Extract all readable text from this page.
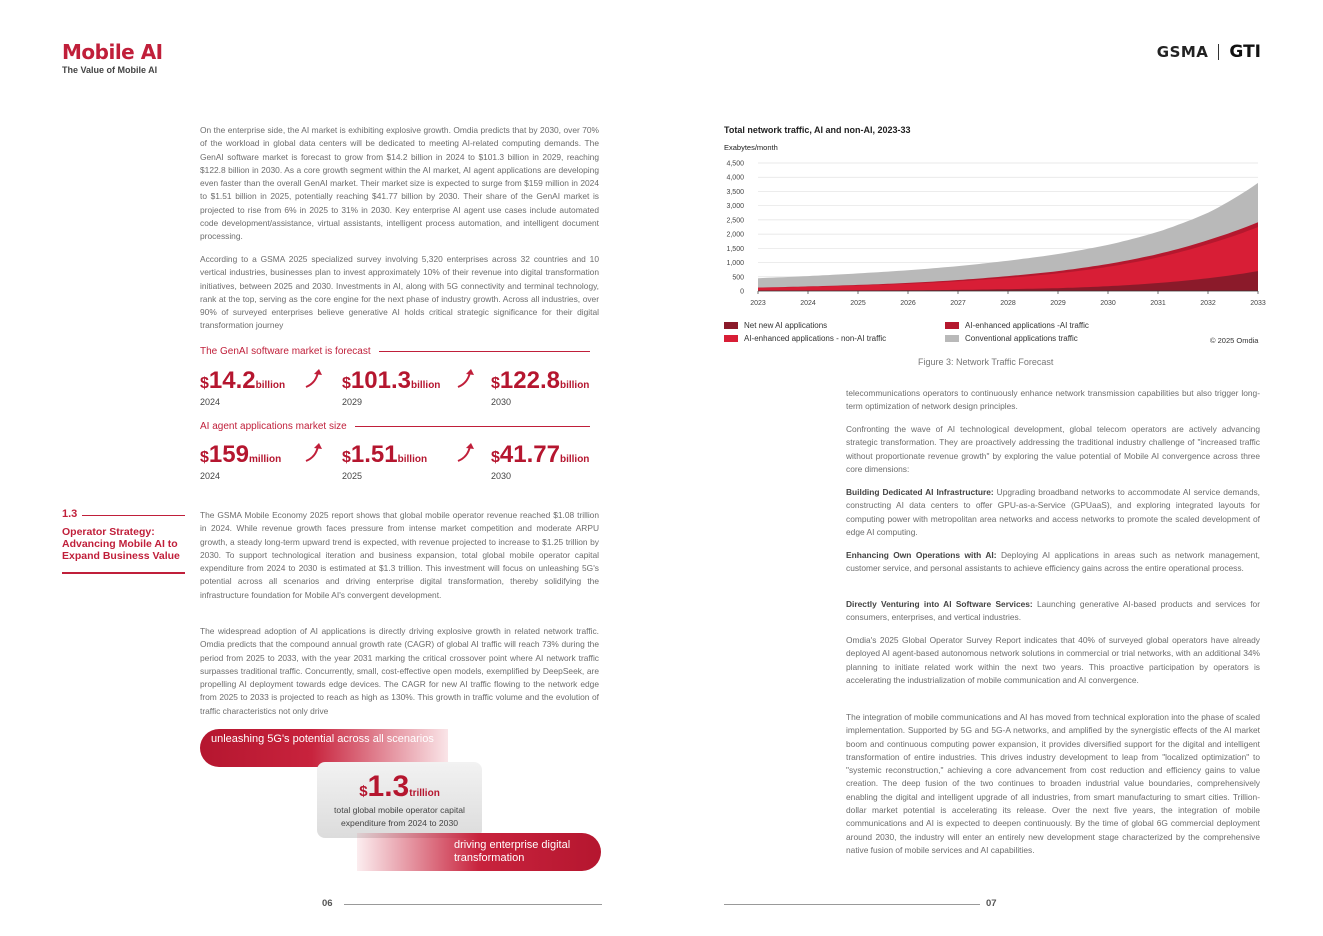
Mobile AI
The Value of Mobile AI
GSMA GTI

On the enterprise side, the AI market is exhibiting explosive growth. Omdia predicts that by 2030, over 70% of the workload in global data centers will be dedicated to meeting AI-related computing demands. The GenAI software market is forecast to grow from $14.2 billion in 2024 to $101.3 billion in 2029, reaching $122.8 billion in 2030. As a core growth segment within the AI market, AI agent applications are developing even faster than the overall GenAI market. Their market size is expected to surge from $159 million in 2024 to $1.51 billion in 2025, potentially reaching $41.77 billion by 2030. Their share of the GenAI market is projected to rise from 6% in 2025 to 31% in 2030. Key enterprise AI agent use cases include automated code development/assistance, virtual assistants, intelligent process automation, and intelligent document processing.

According to a GSMA 2025 specialized survey involving 5,320 enterprises across 32 countries and 10 vertical industries, businesses plan to invest approximately 10% of their revenue into digital transformation initiatives, between 2025 and 2030. Investments in AI, along with 5G connectivity and terminal technology, rank at the top, serving as the core engine for the next phase of industry growth. Across all industries, over 90% of surveyed enterprises believe generative AI holds critical strategic significance for their digital transformation journey

The GenAI software market is forecast
$14.2billion
2024
$101.3billion
2029
$122.8billion
2030
AI agent applications market size
$159million
2024
$1.51billion
2025
$41.77billion
2030
1.3
Operator Strategy: Advancing Mobile AI to Expand Business Value

The GSMA Mobile Economy 2025 report shows that global mobile operator revenue reached $1.08 trillion in 2024. While revenue growth faces pressure from intense market competition and moderate ARPU growth, a steady long-term upward trend is expected, with revenue projected to increase to $1.25 trillion by 2030. To support technological iteration and business expansion, total global mobile operator capital expenditure from 2024 to 2030 is estimated at $1.3 trillion. This investment will focus on unleashing 5G's potential across all scenarios and driving enterprise digital transformation, thereby solidifying the infrastructure foundation for Mobile AI's convergent development.

The widespread adoption of AI applications is directly driving explosive growth in related network traffic. Omdia predicts that the compound annual growth rate (CAGR) of global AI traffic will reach 73% during the period from 2025 to 2033, with the year 2031 marking the critical crossover point where AI network traffic surpasses traditional traffic. Concurrently, small, cost-effective open models, exemplified by DeepSeek, are propelling AI deployment towards edge devices. The CAGR for new AI traffic flowing to the network edge from 2025 to 2033 is projected to reach as high as 130%. This growth in traffic volume and the evolution of traffic characteristics not only drive

unleashing 5G's potential across all scenarios
$1.3trillion
total global mobile operator capital expenditure from 2024 to 2030
driving enterprise digital transformation
06
Total network traffic, AI and non-AI, 2023-33
Exabytes/month
0
500
1,000
1,500
2,000
2,500
3,000
3,500
4,000
4,500
2023	2024	2025	2026	2027	2028	2029	2030	2031	2032	2033
Net new AI applications	AI-enhanced applications -AI traffic
AI-enhanced applications - non-AI traffic	Conventional applications traffic	© 2025 Omdia
Figure 3: Network Traffic Forecast

telecommunications operators to continuously enhance network transmission capabilities but also trigger long-term optimization of network design principles.

Confronting the wave of AI technological development, global telecom operators are actively advancing strategic transformation. They are proactively addressing the traditional industry challenge of "increased traffic without proportionate revenue growth" by exploring the value potential of Mobile AI convergence across three core dimensions:

Building Dedicated AI Infrastructure: Upgrading broadband networks to accommodate AI service demands, constructing AI data centers to offer GPU-as-a-Service (GPUaaS), and exploring integrated layouts for computing power with metropolitan area networks and access networks to promote the scaled development of edge AI computing.

Enhancing Own Operations with AI: Deploying AI applications in areas such as network management, customer service, and personal assistants to achieve efficiency gains across the entire operational process.

Directly Venturing into AI Software Services: Launching generative AI-based products and services for consumers, enterprises, and vertical industries.

Omdia's 2025 Global Operator Survey Report indicates that 40% of surveyed global operators have already deployed AI agent-based autonomous network solutions in commercial or trial networks, with an additional 34% planning to initiate related work within the next two years. This proactive participation by operators is accelerating the industrialization of mobile communication and AI convergence.

The integration of mobile communications and AI has moved from technical exploration into the phase of scaled implementation. Supported by 5G and 5G-A networks, and amplified by the synergistic effects of the AI market boom and continuous computing power expansion, it provides diversified support for the digital and intelligent transformation of entire industries. This drives industry development to leap from "localized optimization" to "systemic reconstruction," achieving a core advancement from cost reduction and efficiency gains to value creation. The deep fusion of the two continues to broaden industrial value boundaries, comprehensively enabling the digital and intelligent upgrade of all industries, from smart manufacturing to smart cities. Trillion-dollar market potential is accelerating its release. Over the next five years, the integration of mobile communications and AI is expected to deepen continuously. By the time of global 6G commercial deployment around 2030, the industry will enter an entirely new development stage characterized by the comprehensive native fusion of mobile services and AI capabilities.

07
